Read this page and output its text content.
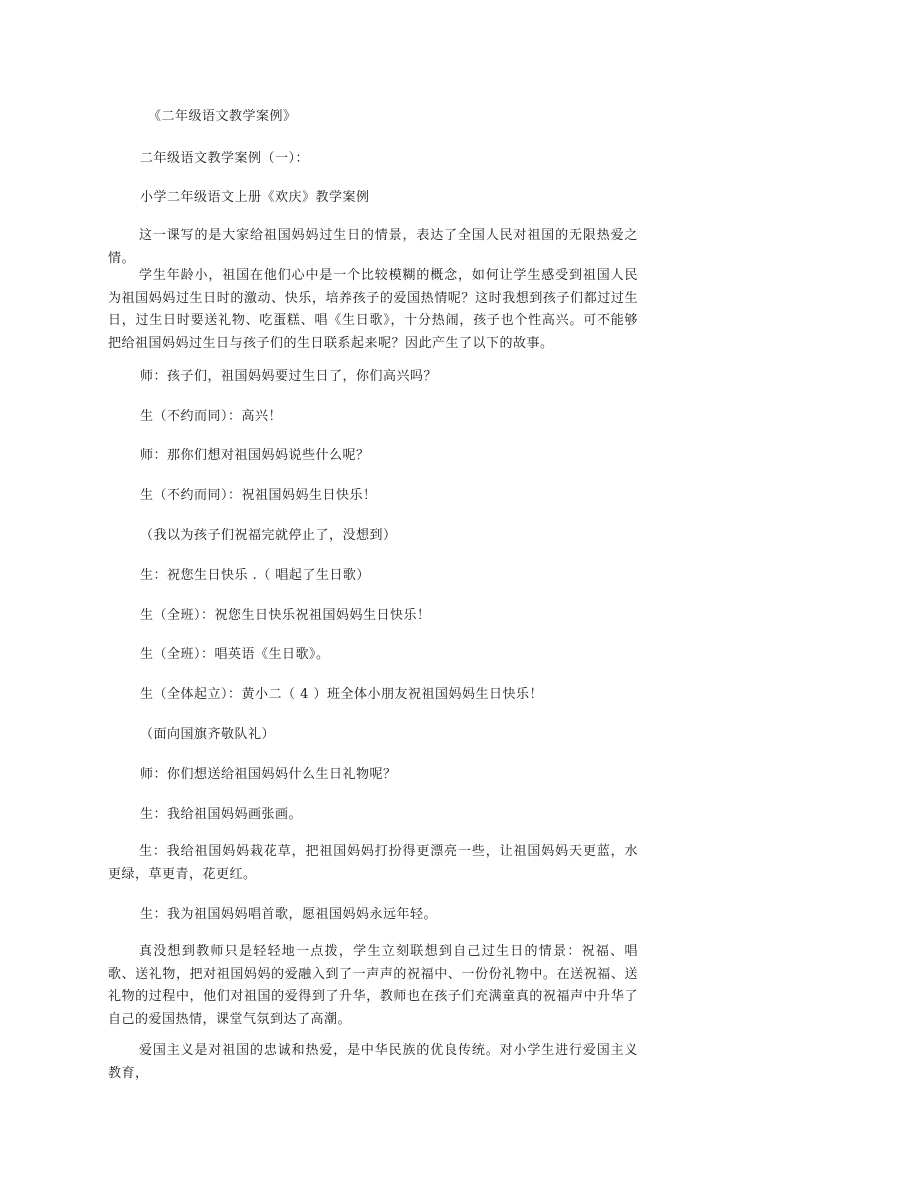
《二年级语文教学案例》
二年级语文教学案例（一）：
小学二年级语文上册《欢庆》教学案例
这一课写的是大家给祖国妈妈过生日的情景，表达了全国人民对祖国的无限热爱之情。
学生年龄小，祖国在他们心中是一个比较模糊的概念，如何让学生感受到祖国人民为祖国妈妈过生日时的激动、快乐，培养孩子的爱国热情呢？这时我想到孩子们都过过生日，过生日时要送礼物、吃蛋糕、唱《生日歌》，十分热闹，孩子也个性高兴。可不能够把给祖国妈妈过生日与孩子们的生日联系起来呢？因此产生了以下的故事。
师：孩子们，祖国妈妈要过生日了，你们高兴吗？
生（不约而同）：高兴！
师：那你们想对祖国妈妈说些什么呢？
生（不约而同）：祝祖国妈妈生日快乐！
（我以为孩子们祝福完就停止了，没想到）
生：祝您生日快乐 .（ 唱起了生日歌）
生（全班）：祝您生日快乐祝祖国妈妈生日快乐！
生（全班）：唱英语《生日歌》。
生（全体起立）：黄小二（ 4 ）班全体小朋友祝祖国妈妈生日快乐！
（面向国旗齐敬队礼）
师：你们想送给祖国妈妈什么生日礼物呢？
生：我给祖国妈妈画张画。
生：我给祖国妈妈栽花草，把祖国妈妈打扮得更漂亮一些，让祖国妈妈天更蓝，水更绿，草更青，花更红。
生：我为祖国妈妈唱首歌，愿祖国妈妈永远年轻。
真没想到教师只是轻轻地一点拨，学生立刻联想到自己过生日的情景：祝福、唱歌、送礼物，把对祖国妈妈的爱融入到了一声声的祝福中、一份份礼物中。在送祝福、送礼物的过程中，他们对祖国的爱得到了升华，教师也在孩子们充满童真的祝福声中升华了自己的爱国热情，课堂气氛到达了高潮。
爱国主义是对祖国的忠诚和热爱，是中华民族的优良传统。对小学生进行爱国主义教育，
